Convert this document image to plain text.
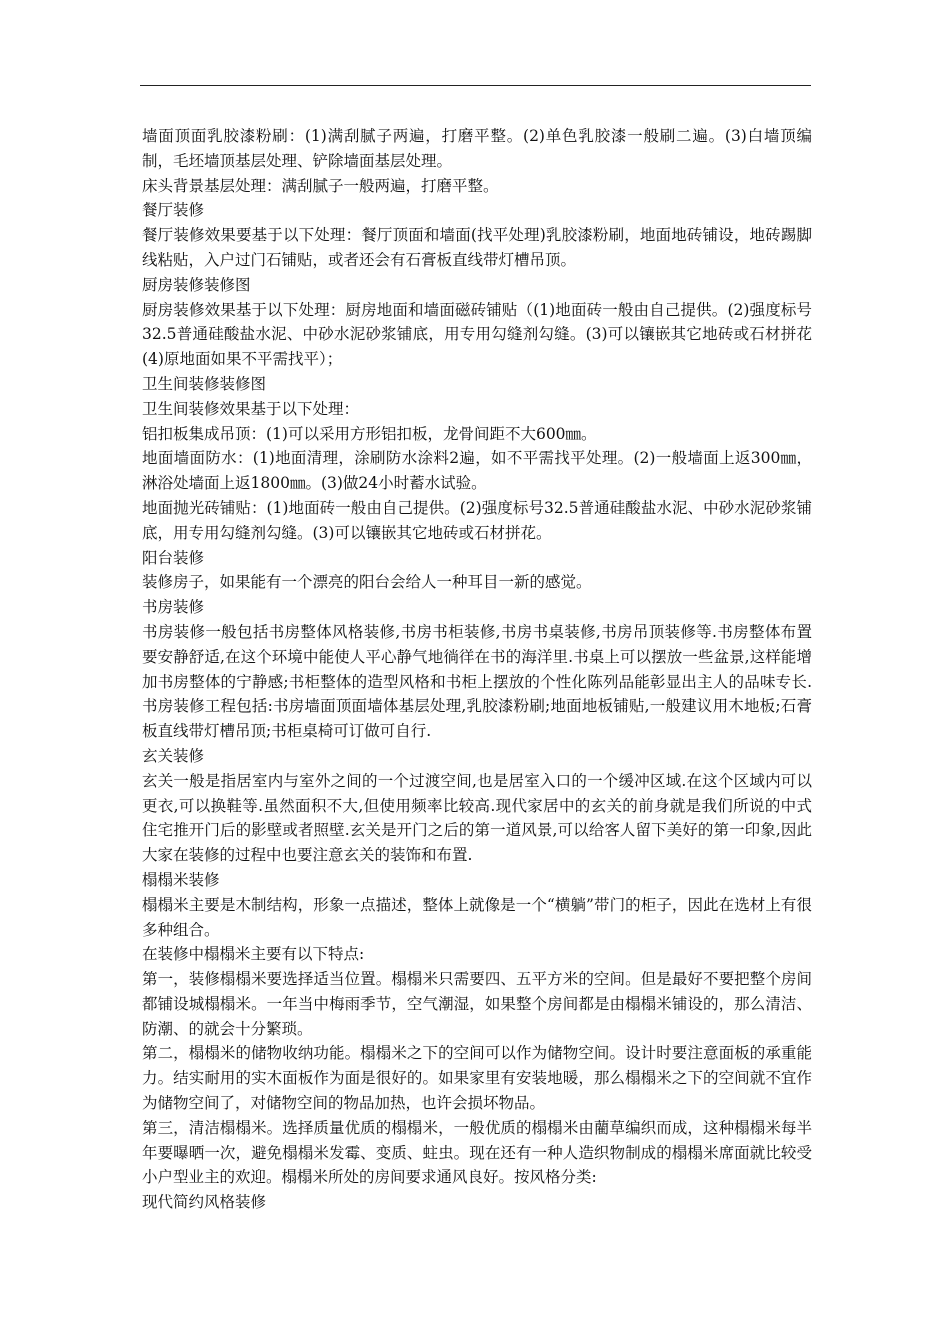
墙面顶面乳胶漆粉刷：(1)满刮腻子两遍，打磨平整。(2)单色乳胶漆一般刷二遍。(3)白墙顶编制，毛坯墙顶基层处理、铲除墙面基层处理。

床头背景基层处理：满刮腻子一般两遍，打磨平整。

餐厅装修

餐厅装修效果要基于以下处理：餐厅顶面和墙面(找平处理)乳胶漆粉刷，地面地砖铺设，地砖踢脚线粘贴，入户过门石铺贴，或者还会有石膏板直线带灯槽吊顶。

厨房装修装修图

厨房装修效果基于以下处理：厨房地面和墙面磁砖铺贴（(1)地面砖一般由自己提供。(2)强度标号32.5普通硅酸盐水泥、中砂水泥砂浆铺底，用专用勾缝剂勾缝。(3)可以镶嵌其它地砖或石材拼花(4)原地面如果不平需找平）；

卫生间装修装修图

卫生间装修效果基于以下处理：

铝扣板集成吊顶：(1)可以采用方形铝扣板，龙骨间距不大600㎜。

地面墙面防水：(1)地面清理，涂刷防水涂料2遍，如不平需找平处理。(2)一般墙面上返300㎜，淋浴处墙面上返1800㎜。(3)做24小时蓄水试验。

地面抛光砖铺贴：(1)地面砖一般由自己提供。(2)强度标号32.5普通硅酸盐水泥、中砂水泥砂浆铺底，用专用勾缝剂勾缝。(3)可以镶嵌其它地砖或石材拼花。

阳台装修

装修房子，如果能有一个漂亮的阳台会给人一种耳目一新的感觉。

书房装修

书房装修一般包括书房整体风格装修,书房书柜装修,书房书桌装修,书房吊顶装修等.书房整体布置要安静舒适,在这个环境中能使人平心静气地徜徉在书的海洋里.书桌上可以摆放一些盆景,这样能增加书房整体的宁静感;书柜整体的造型风格和书柜上摆放的个性化陈列品能彰显出主人的品味专长.书房装修工程包括:书房墙面顶面墙体基层处理,乳胶漆粉刷;地面地板铺贴,一般建议用木地板;石膏板直线带灯槽吊顶;书柜桌椅可订做可自行.

玄关装修

玄关一般是指居室内与室外之间的一个过渡空间,也是居室入口的一个缓冲区域.在这个区域内可以更衣,可以换鞋等.虽然面积不大,但使用频率比较高.现代家居中的玄关的前身就是我们所说的中式住宅推开门后的影壁或者照壁.玄关是开门之后的第一道风景,可以给客人留下美好的第一印象,因此大家在装修的过程中也要注意玄关的装饰和布置.

榻榻米装修

榻榻米主要是木制结构，形象一点描述，整体上就像是一个“横躺”带门的柜子，因此在选材上有很多种组合。

在装修中榻榻米主要有以下特点:

第一，装修榻榻米要选择适当位置。榻榻米只需要四、五平方米的空间。但是最好不要把整个房间都铺设城榻榻米。一年当中梅雨季节，空气潮湿，如果整个房间都是由榻榻米铺设的，那么清洁、防潮、的就会十分繁琐。

第二，榻榻米的储物收纳功能。榻榻米之下的空间可以作为储物空间。设计时要注意面板的承重能力。结实耐用的实木面板作为面是很好的。如果家里有安装地暖，那么榻榻米之下的空间就不宜作为储物空间了，对储物空间的物品加热，也许会损坏物品。

第三，清洁榻榻米。选择质量优质的榻榻米，一般优质的榻榻米由藺草编织而成，这种榻榻米每半年要曝晒一次，避免榻榻米发霉、变质、蛀虫。现在还有一种人造织物制成的榻榻米席面就比较受小户型业主的欢迎。榻榻米所处的房间要求通风良好。按风格分类:

现代简约风格装修
